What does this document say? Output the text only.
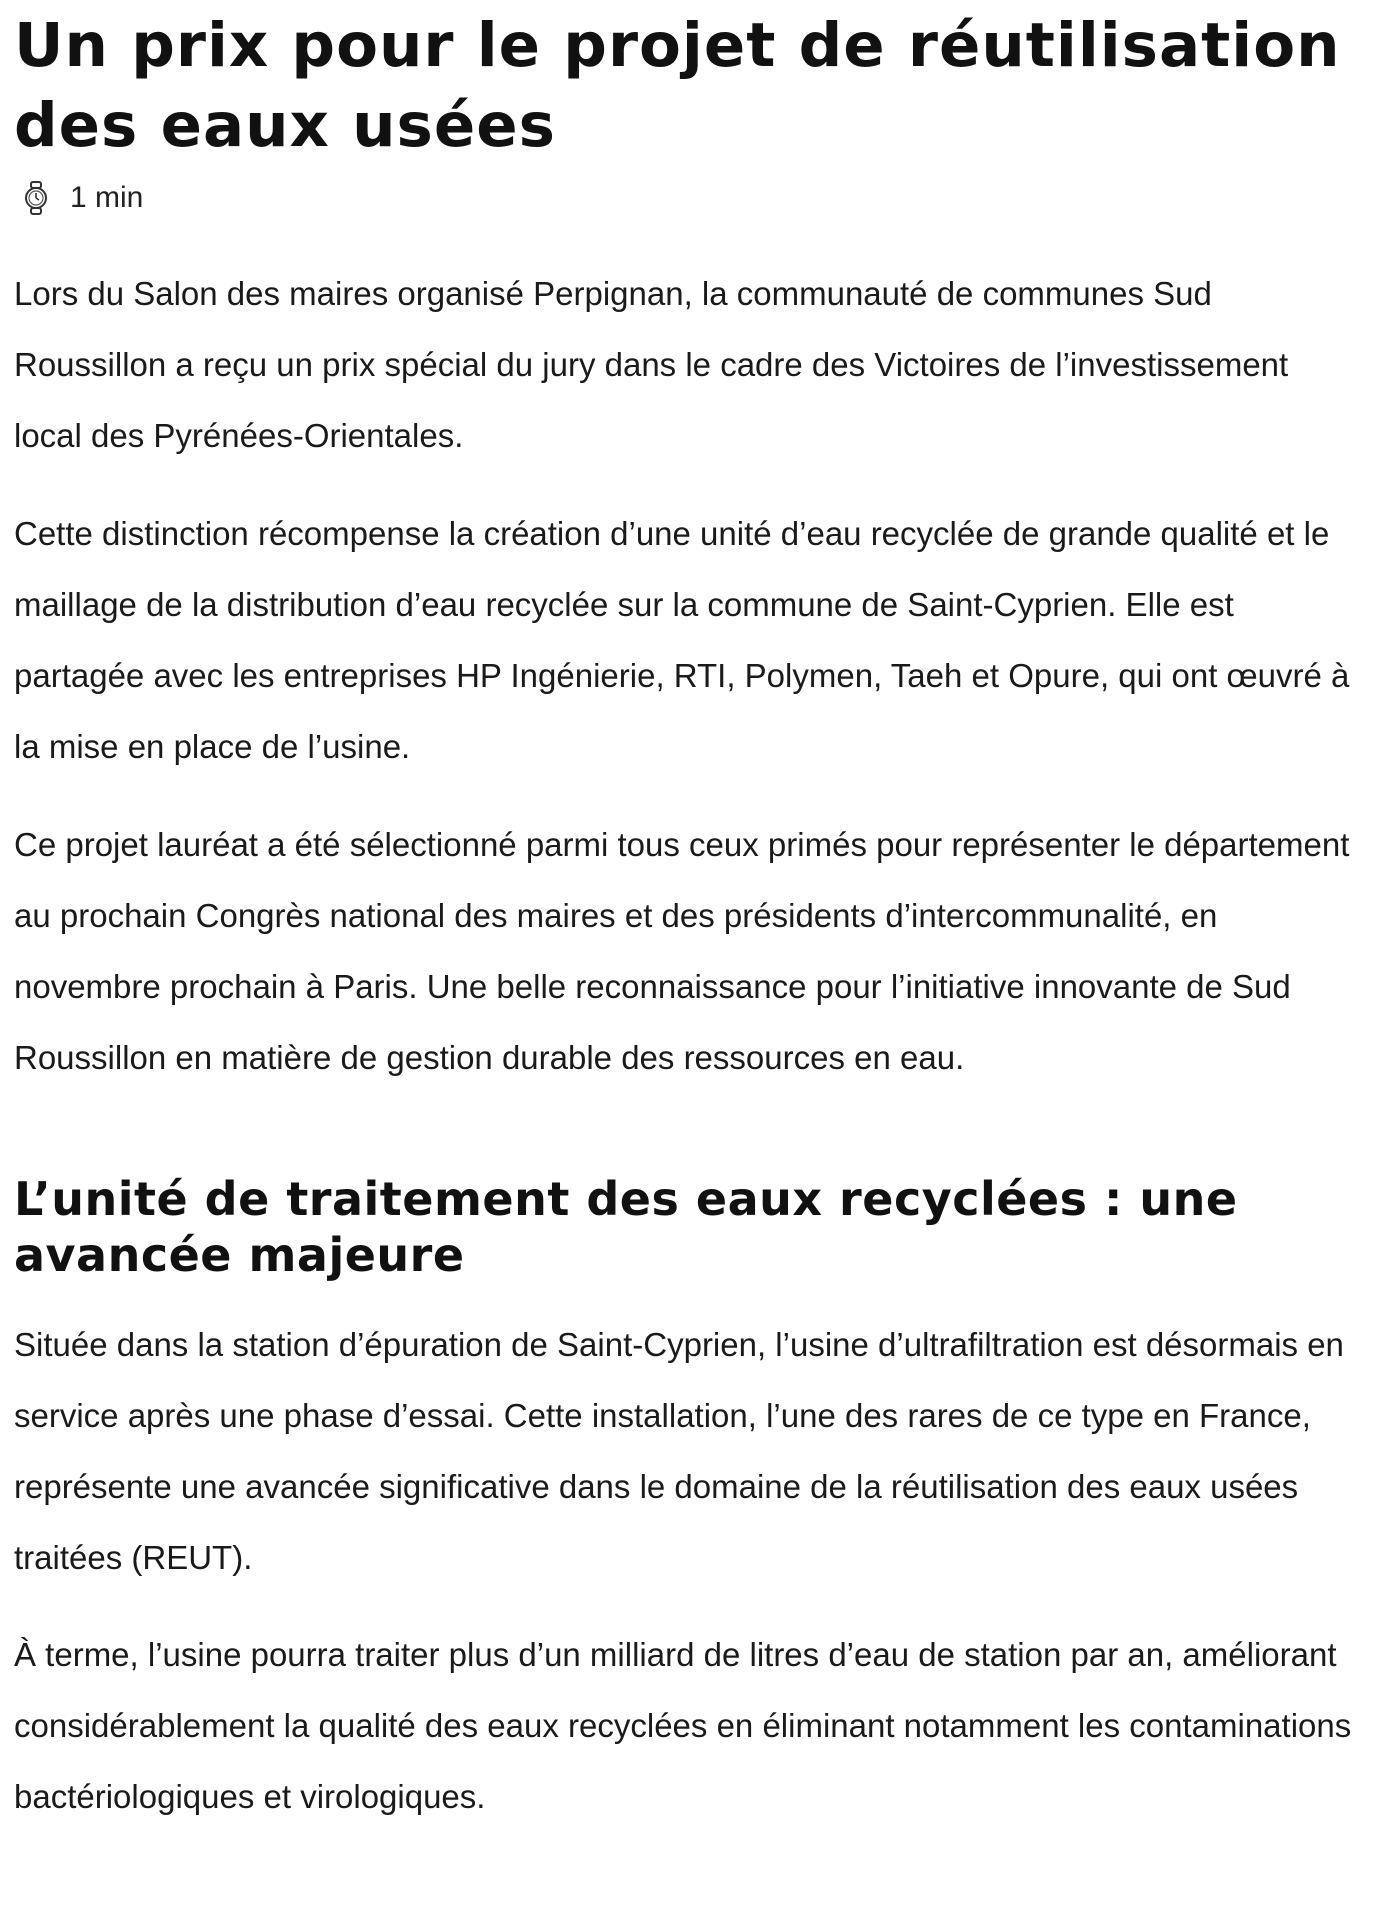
Un prix pour le projet de réutilisation des eaux usées
1 min

Lors du Salon des maires organisé Perpignan, la communauté de communes Sud Roussillon a reçu un prix spécial du jury dans le cadre des Victoires de l’investissement local des Pyrénées-Orientales.

Cette distinction récompense la création d’une unité d’eau recyclée de grande qualité et le maillage de la distribution d’eau recyclée sur la commune de Saint-Cyprien. Elle est partagée avec les entreprises HP Ingénierie, RTI, Polymen, Taeh et Opure, qui ont œuvré à la mise en place de l’usine.

Ce projet lauréat a été sélectionné parmi tous ceux primés pour représenter le département au prochain Congrès national des maires et des présidents d’intercommunalité, en novembre prochain à Paris. Une belle reconnaissance pour l’initiative innovante de Sud Roussillon en matière de gestion durable des ressources en eau.

L’unité de traitement des eaux recyclées : une avancée majeure

Située dans la station d’épuration de Saint-Cyprien, l’usine d’ultrafiltration est désormais en service après une phase d’essai. Cette installation, l’une des rares de ce type en France, représente une avancée significative dans le domaine de la réutilisation des eaux usées traitées (REUT).

À terme, l’usine pourra traiter plus d’un milliard de litres d’eau de station par an, améliorant considérablement la qualité des eaux recyclées en éliminant notamment les contaminations bactériologiques et virologiques.
